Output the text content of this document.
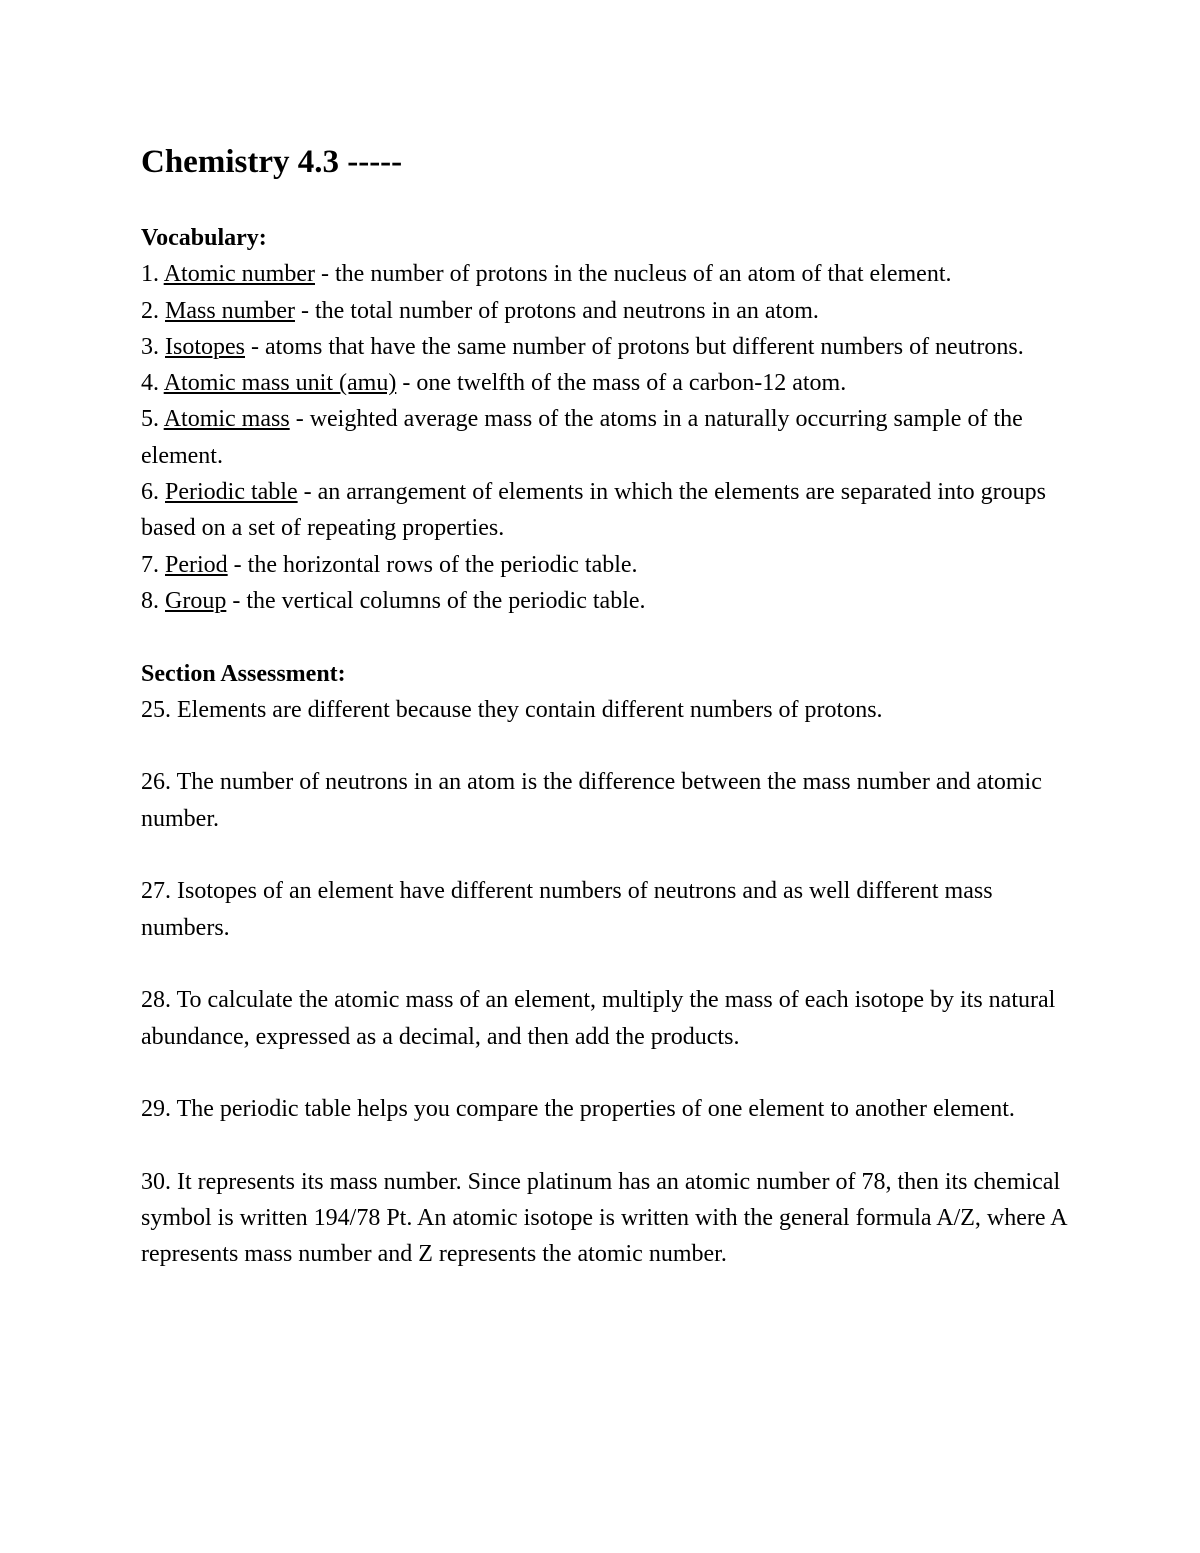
Chemistry 4.3 -----

Vocabulary:

1. Atomic number - the number of protons in the nucleus of an atom of that element.
2. Mass number - the total number of protons and neutrons in an atom.
3. Isotopes - atoms that have the same number of protons but different numbers of neutrons.
4. Atomic mass unit (amu) - one twelfth of the mass of a carbon-12 atom.
5. Atomic mass - weighted average mass of the atoms in a naturally occurring sample of the element.
6. Periodic table - an arrangement of elements in which the elements are separated into groups based on a set of repeating properties.
7. Period - the horizontal rows of the periodic table.
8. Group - the vertical columns of the periodic table.

Section Assessment:

25. Elements are different because they contain different numbers of protons.

26. The number of neutrons in an atom is the difference between the mass number and atomic number.

27. Isotopes of an element have different numbers of neutrons and as well different mass numbers.

28. To calculate the atomic mass of an element, multiply the mass of each isotope by its natural abundance, expressed as a decimal, and then add the products.

29. The periodic table helps you compare the properties of one element to another element.

30. It represents its mass number. Since platinum has an atomic number of 78, then its chemical symbol is written 194/78 Pt. An atomic isotope is written with the general formula A/Z, where A represents mass number and Z represents the atomic number.
